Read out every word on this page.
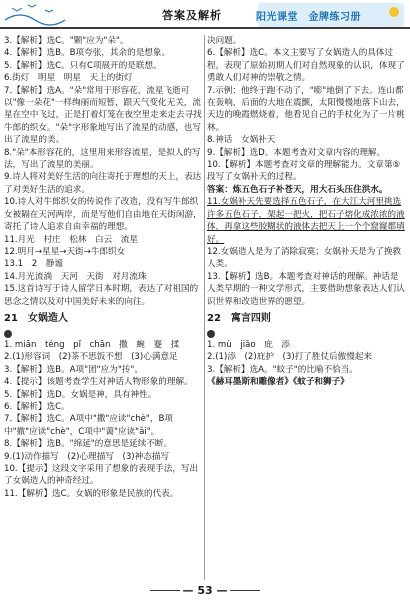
答案及解析	阳光课堂　金牌练习册

3.【解析】选C。"颗"应为"朵"。

4.【解析】选B。B项夸张，其余的是想象。

5.【解析】选C。只有C项展开的是联想。

6.街灯　明星　明星　天上的街灯

7.【解析】选A。"朵"常用于形容花，流星飞逝可以"像一朵花"一样绚丽而短暂，跟天气变化无关，流星在空中飞过，正是打着灯笼在夜空里走来走去寻找牛郎的织女。"朵"字形象地写出了流星的动感，也写出了流星的美。

8."朵"本形容花的，这里用来形容流星，是拟人的写法，写出了流星的美丽。

9.诗人将对美好生活的向往寄托于理想的天上，表达了对美好生活的追求。

10.诗人对牛郎织女的传说作了改造，没有写牛郎织女被隔在天河两岸，而是写他们自由地在天街闲游，寄托了诗人追求自由幸福的理想。

11.月光　村庄　松林　白云　流星

12.明月→星星→天街→牛郎织女

13.1　2　静谧

14.月光流淌　天河　天街　对月流珠

15.这首诗写于诗人留学日本时期，表达了对祖国的思念之情以及对中国美好未来的向往。

21　女娲造人

1. miān　téng　pǐ　chān　撒　蜿　蹇　揉

2.(1)形容词　(2)茶不思饭不想　(3)心满意足

3.【解析】选B。A项"团"应为"抟"。

4.【提示】该题考查学生对神话人物形象的理解。

5.【解析】选D。女娲是神，具有神性。

6.【解析】选C。

7.【解析】选C。A项中"撒"应读"chè"，B项中"撤"应读"chè"，C项中"蔼"应读"ǎi"。

8.【解析】选B。"绵延"的意思是延续不断。

9.(1)动作描写　(2)心理描写　(3)神态描写

10.【提示】这段文字采用了想象的表现手法，写出了女娲造人的神奇经过。

11.【解析】选C。女娲的形象是民族的代表。

决问题。

6.【解析】选C。本文主要写了女娲造人的具体过程，表现了原始初期人们对自然现象的认识，体现了勇敢人们对神的崇敬之情。

7.示例：他终于跑不动了，"嘭"地倒了下去。连山都在轰响，后面的大地在震颤，太阳慢慢地落下山去，天边的晚霞燃烧着，他看见自己的手杖化为了一片桃林。

8.神话　女娲补天

9.【解析】选D。本题考查对文章内容的理解。

10.【解析】本题考查对文章的理解能力。文章第⑤段写了女娲补天的过程。

答案：炼五色石子补苍天，用大石头压住洪水。

11.女娲补天先要选择五色石子，在大江大河里挑选许多五色石子，架起一把火，把石子熔化成浓浓的液体，再拿这些胶糊状的液体去把天上一个个窟窿都填好。

12.女娲造人是为了消除寂寞；女娲补天是为了挽救人类。

13.【解析】选B。本题考查对神话的理解。神话是人类早期的一种文学形式，主要借助想象表达人们认识世界和改造世界的愿望。

22　寓言四则

1. mù　jiāo　庇　添

2.(1)添　(2)庇护　(3)打了胜仗后傲慢起来

3.【解析】选A。"蚊子"的比喻不恰当。

《赫耳墨斯和雕像者》《蚊子和狮子》

— 53 —
